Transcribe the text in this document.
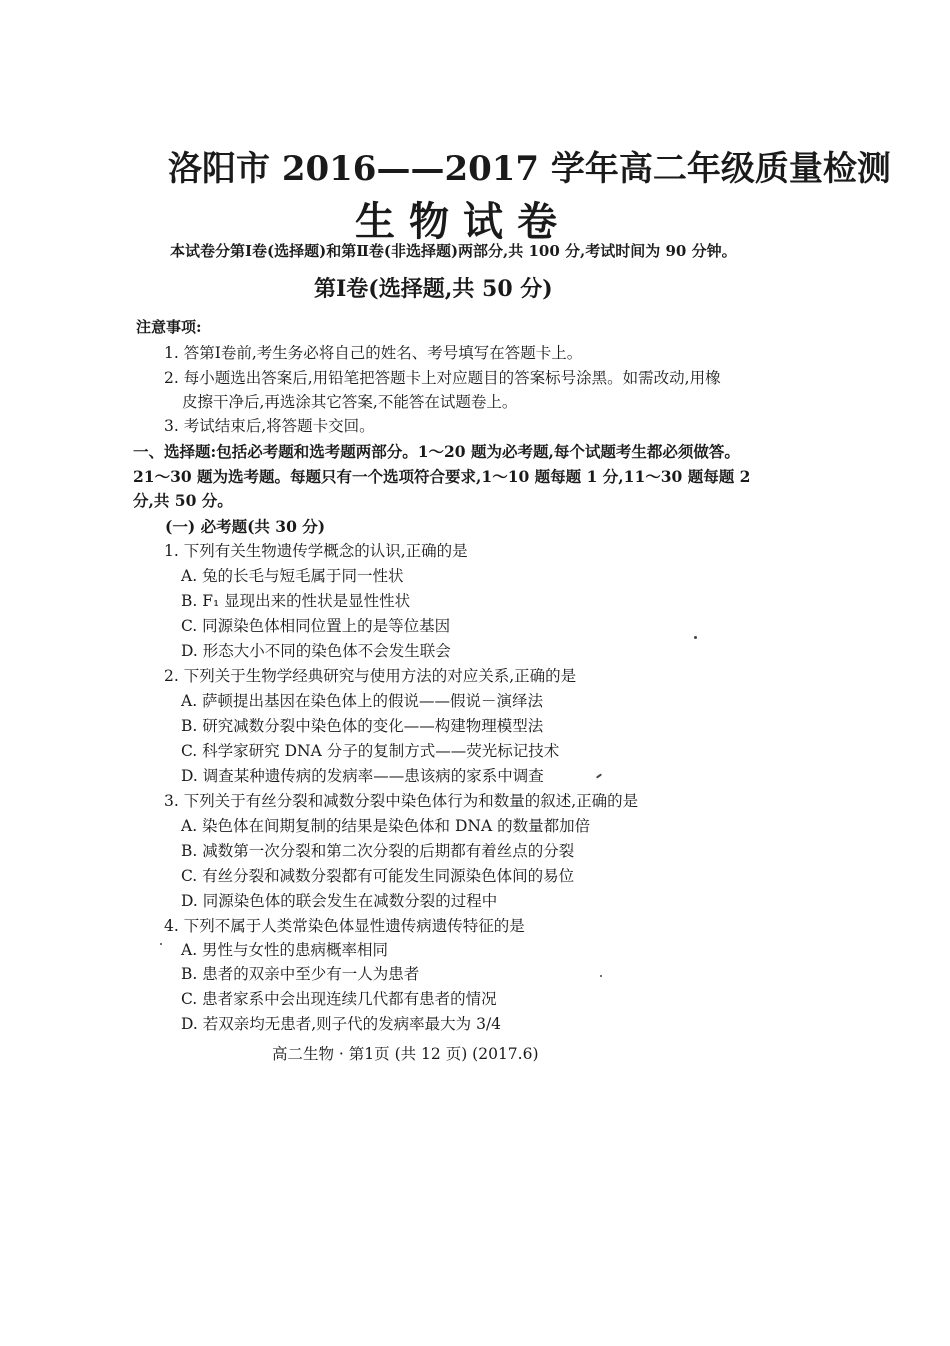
洛阳市 2016——2017 学年高二年级质量检测
生物试卷
本试卷分第Ⅰ卷(选择题)和第Ⅱ卷(非选择题)两部分,共 100 分,考试时间为 90 分钟。
第Ⅰ卷(选择题,共 50 分)
注意事项:
1. 答第Ⅰ卷前,考生务必将自己的姓名、考号填写在答题卡上。
2. 每小题选出答案后,用铅笔把答题卡上对应题目的答案标号涂黑。如需改动,用橡
皮擦干净后,再选涂其它答案,不能答在试题卷上。
3. 考试结束后,将答题卡交回。
一、选择题:包括必考题和选考题两部分。1～20 题为必考题,每个试题考生都必须做答。
21～30 题为选考题。每题只有一个选项符合要求,1～10 题每题 1 分,11～30 题每题 2
分,共 50 分。
(一) 必考题(共 30 分)
1. 下列有关生物遗传学概念的认识,正确的是
A. 兔的长毛与短毛属于同一性状
B. F₁ 显现出来的性状是显性性状
C. 同源染色体相同位置上的是等位基因
D. 形态大小不同的染色体不会发生联会
2. 下列关于生物学经典研究与使用方法的对应关系,正确的是
A. 萨顿提出基因在染色体上的假说——假说－演绎法
B. 研究减数分裂中染色体的变化——构建物理模型法
C. 科学家研究 DNA 分子的复制方式——荧光标记技术
D. 调查某种遗传病的发病率——患该病的家系中调查
3. 下列关于有丝分裂和减数分裂中染色体行为和数量的叙述,正确的是
A. 染色体在间期复制的结果是染色体和 DNA 的数量都加倍
B. 减数第一次分裂和第二次分裂的后期都有着丝点的分裂
C. 有丝分裂和减数分裂都有可能发生同源染色体间的易位
D. 同源染色体的联会发生在减数分裂的过程中
4. 下列不属于人类常染色体显性遗传病遗传特征的是
A. 男性与女性的患病概率相同
B. 患者的双亲中至少有一人为患者
C. 患者家系中会出现连续几代都有患者的情况
D. 若双亲均无患者,则子代的发病率最大为 3/4
高二生物 · 第1页 (共 12 页) (2017.6)
